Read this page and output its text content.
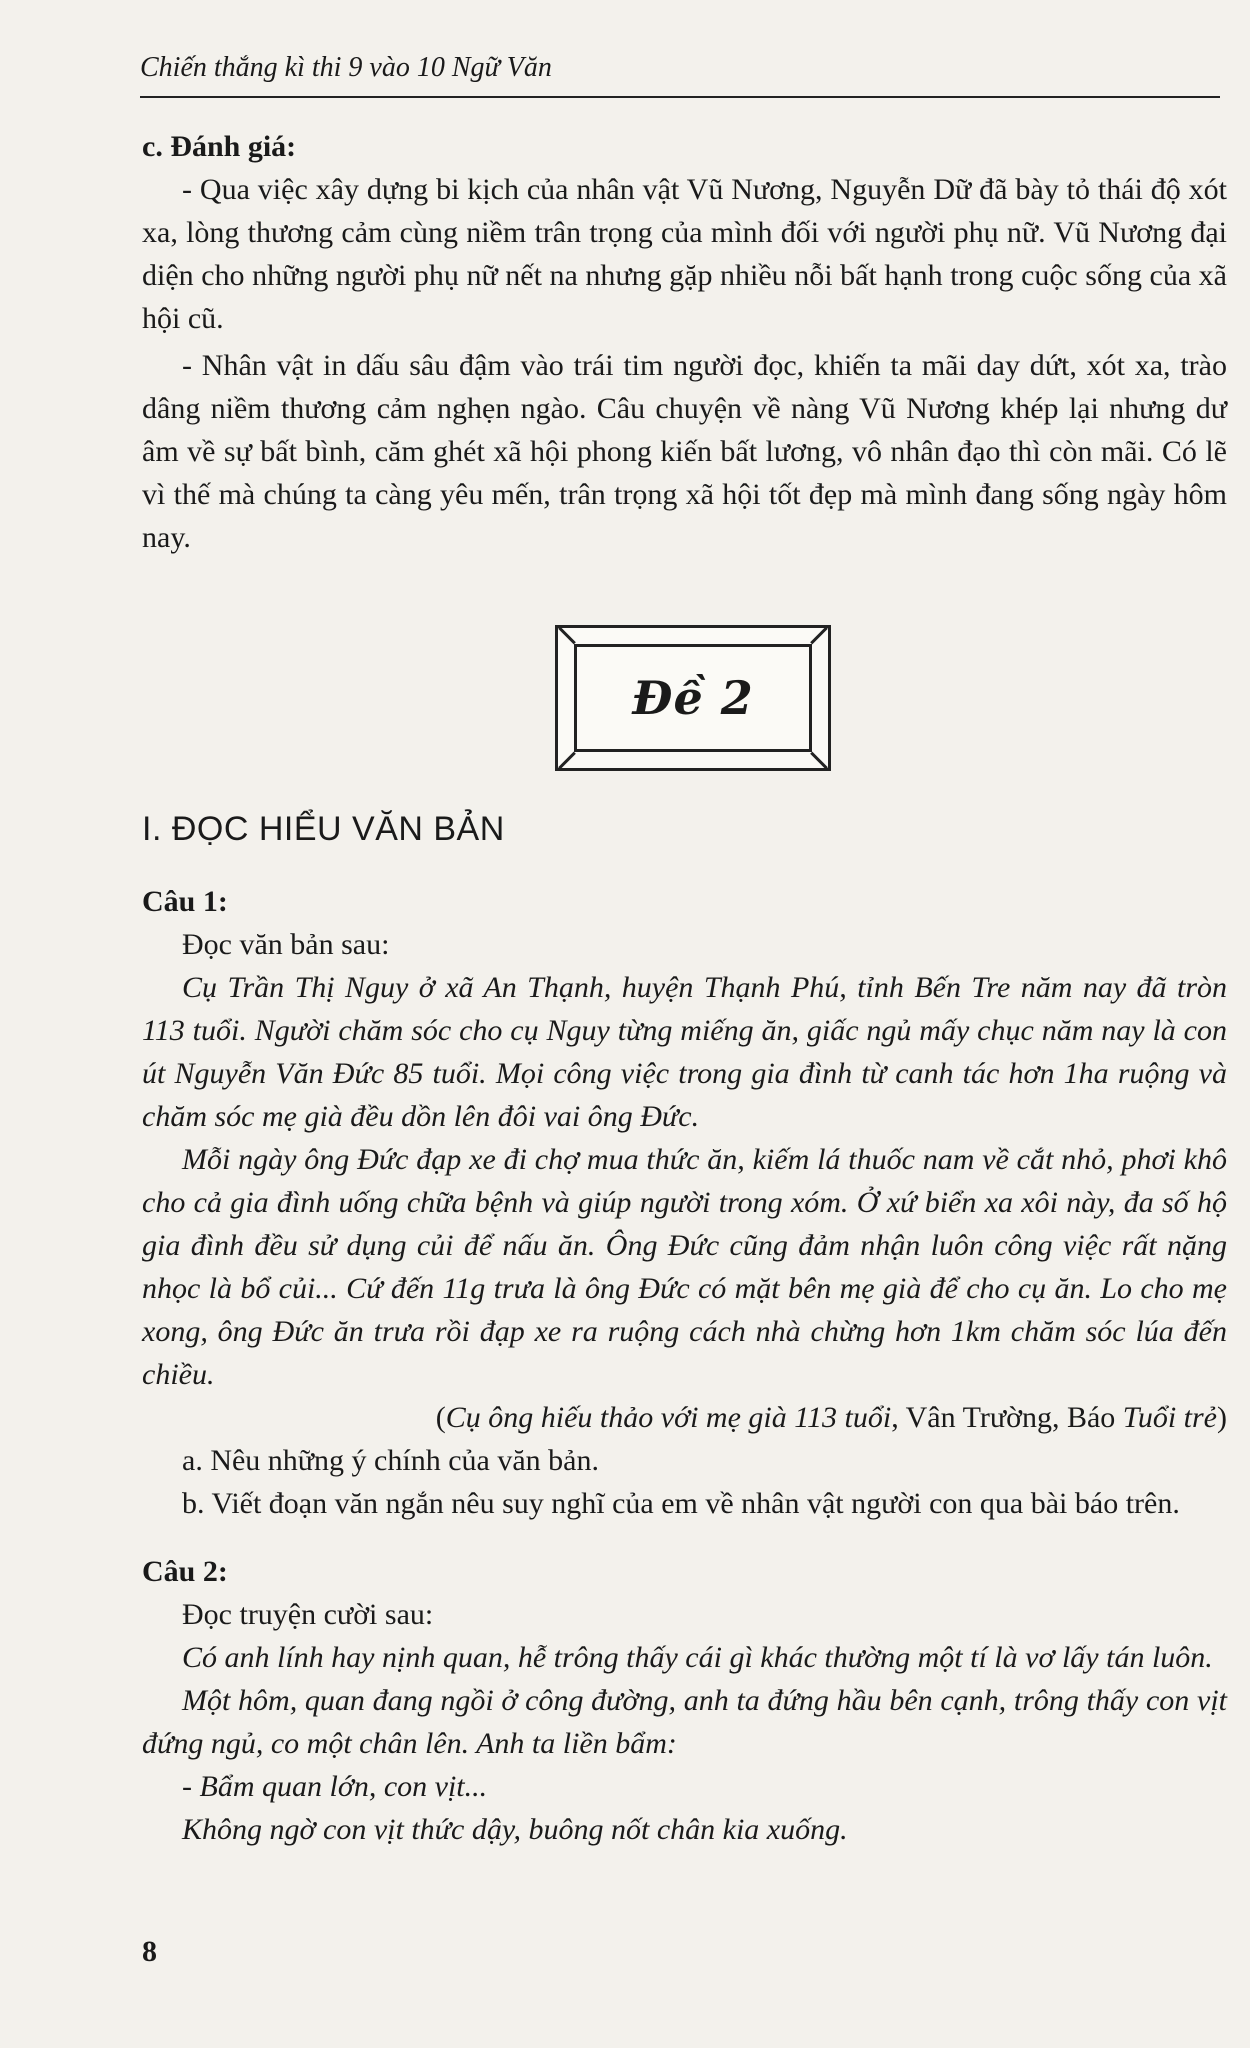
Chiến thắng kì thi 9 vào 10 Ngữ Văn

c. Đánh giá:

- Qua việc xây dựng bi kịch của nhân vật Vũ Nương, Nguyễn Dữ đã bày tỏ thái độ xót xa, lòng thương cảm cùng niềm trân trọng của mình đối với người phụ nữ. Vũ Nương đại diện cho những người phụ nữ nết na nhưng gặp nhiều nỗi bất hạnh trong cuộc sống của xã hội cũ.

- Nhân vật in dấu sâu đậm vào trái tim người đọc, khiến ta mãi day dứt, xót xa, trào dâng niềm thương cảm nghẹn ngào. Câu chuyện về nàng Vũ Nương khép lại nhưng dư âm về sự bất bình, căm ghét xã hội phong kiến bất lương, vô nhân đạo thì còn mãi. Có lẽ vì thế mà chúng ta càng yêu mến, trân trọng xã hội tốt đẹp mà mình đang sống ngày hôm nay.

Đề 2
I. ĐỌC HIỂU VĂN BẢN

Câu 1:

Đọc văn bản sau:

Cụ Trần Thị Nguy ở xã An Thạnh, huyện Thạnh Phú, tỉnh Bến Tre năm nay đã tròn 113 tuổi. Người chăm sóc cho cụ Nguy từng miếng ăn, giấc ngủ mấy chục năm nay là con út Nguyễn Văn Đức 85 tuổi. Mọi công việc trong gia đình từ canh tác hơn 1ha ruộng và chăm sóc mẹ già đều dồn lên đôi vai ông Đức.

Mỗi ngày ông Đức đạp xe đi chợ mua thức ăn, kiếm lá thuốc nam về cắt nhỏ, phơi khô cho cả gia đình uống chữa bệnh và giúp người trong xóm. Ở xứ biển xa xôi này, đa số hộ gia đình đều sử dụng củi để nấu ăn. Ông Đức cũng đảm nhận luôn công việc rất nặng nhọc là bổ củi... Cứ đến 11g trưa là ông Đức có mặt bên mẹ già để cho cụ ăn. Lo cho mẹ xong, ông Đức ăn trưa rồi đạp xe ra ruộng cách nhà chừng hơn 1km chăm sóc lúa đến chiều.

(Cụ ông hiếu thảo với mẹ già 113 tuổi, Vân Trường, Báo Tuổi trẻ)

a. Nêu những ý chính của văn bản.

b. Viết đoạn văn ngắn nêu suy nghĩ của em về nhân vật người con qua bài báo trên.

Câu 2:

Đọc truyện cười sau:

Có anh lính hay nịnh quan, hễ trông thấy cái gì khác thường một tí là vơ lấy tán luôn.

Một hôm, quan đang ngồi ở công đường, anh ta đứng hầu bên cạnh, trông thấy con vịt đứng ngủ, co một chân lên. Anh ta liền bẩm:

- Bẩm quan lớn, con vịt...

Không ngờ con vịt thức dậy, buông nốt chân kia xuống.

8
